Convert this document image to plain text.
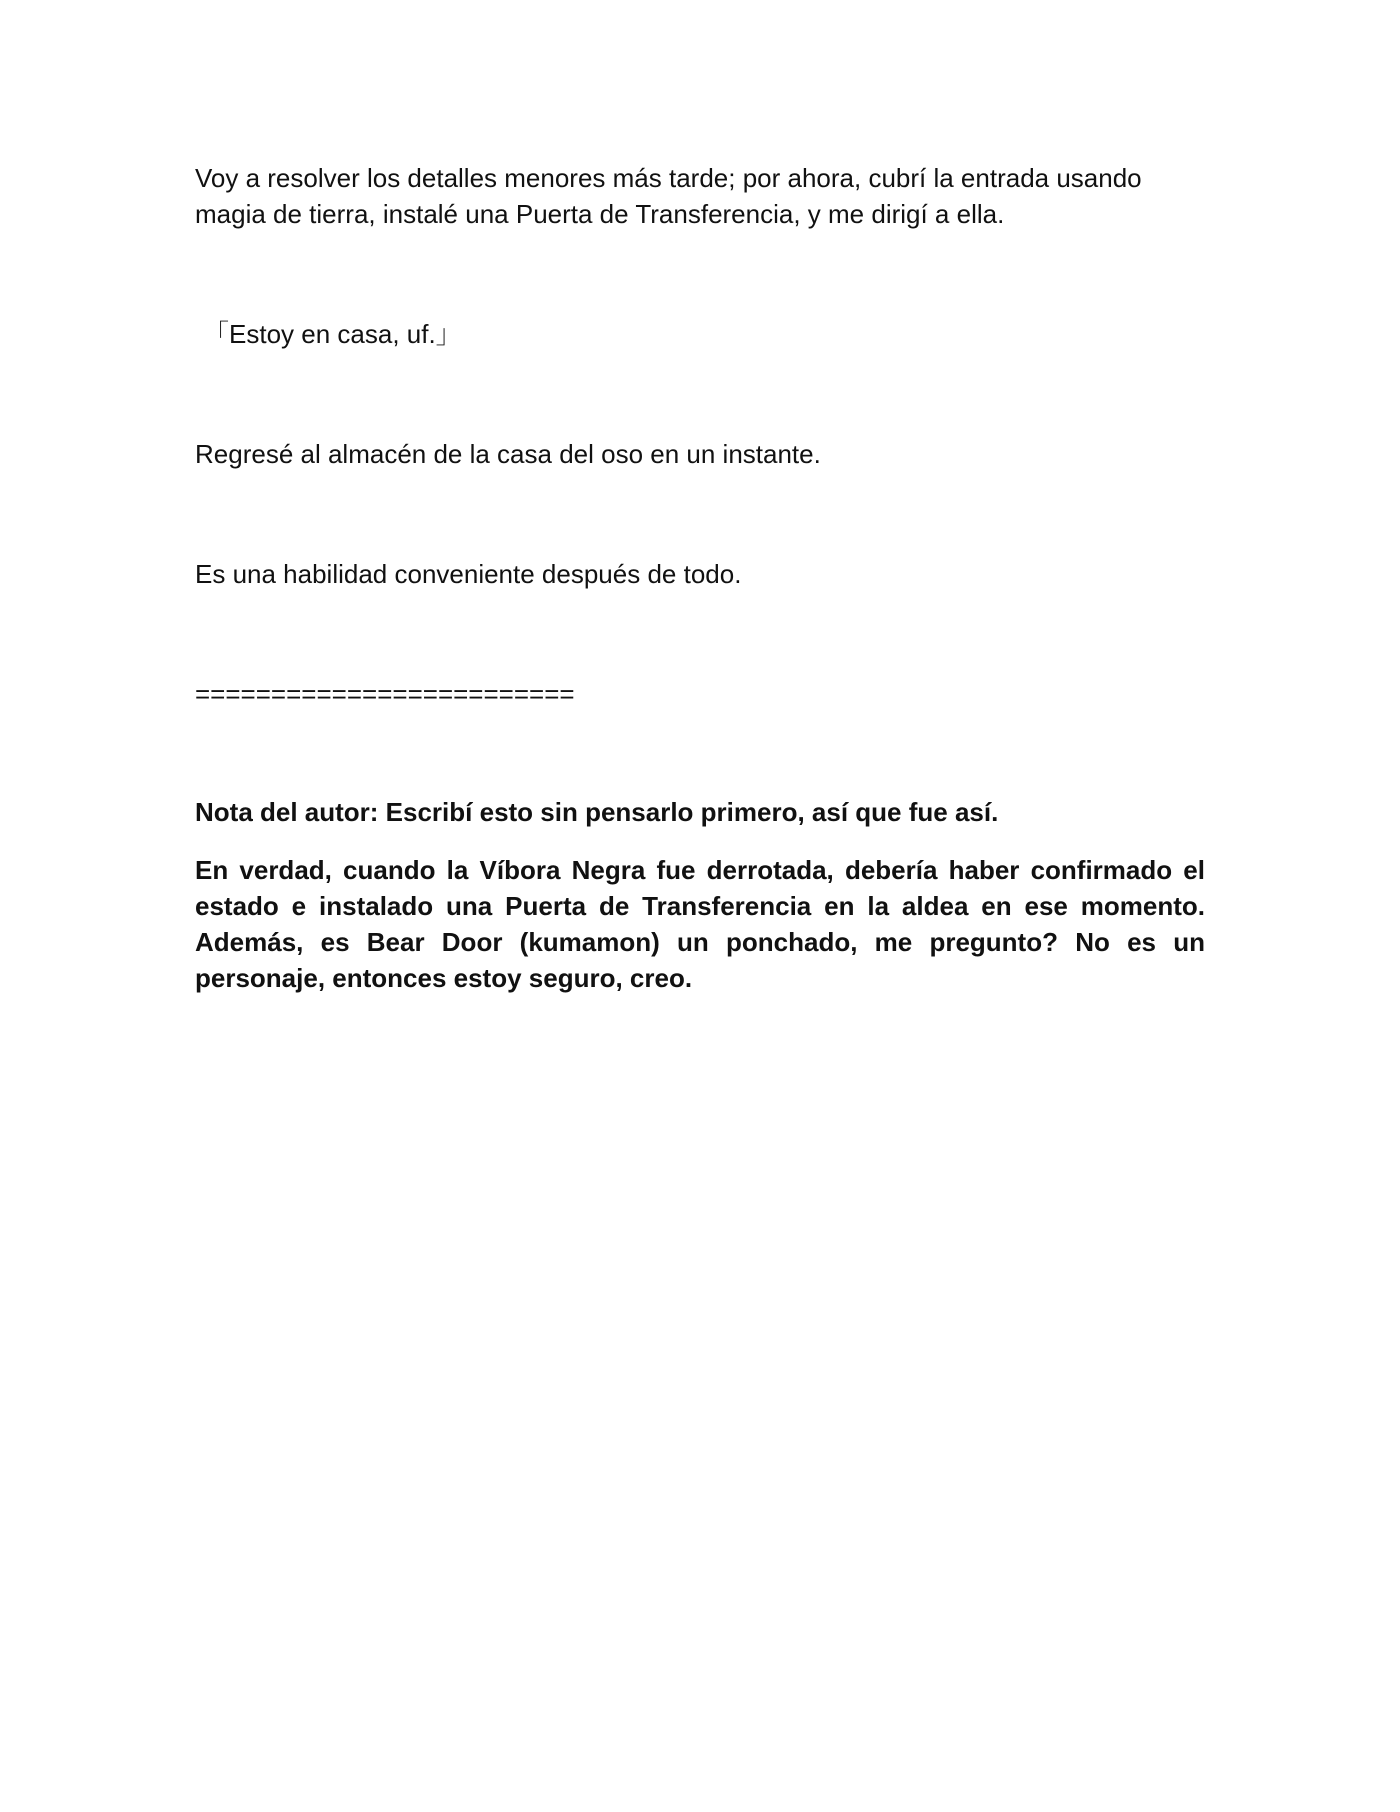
Voy a resolver los detalles menores más tarde; por ahora, cubrí la entrada usando magia de tierra, instalé una Puerta de Transferencia, y me dirigí a ella.

「Estoy en casa, uf.」

Regresé al almacén de la casa del oso en un instante.

Es una habilidad conveniente después de todo.

=========================

Nota del autor: Escribí esto sin pensarlo primero, así que fue así.

En verdad, cuando la Víbora Negra fue derrotada, debería haber confirmado el estado e instalado una Puerta de Transferencia en la aldea en ese momento. Además, es Bear Door (kumamon) un ponchado, me pregunto? No es un personaje, entonces estoy seguro, creo.
